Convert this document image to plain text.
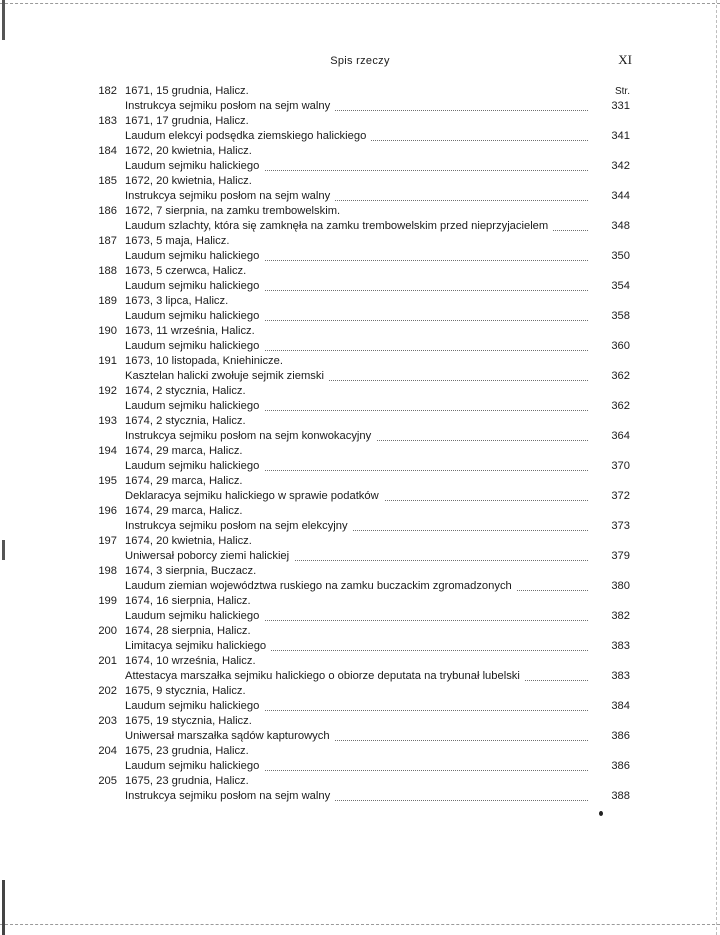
Spis rzeczy	XI
182 1671, 15 grudnia, Halicz.	Str.
Instrukcya sejmiku posłom na sejm walny	331
183 1671, 17 grudnia, Halicz.
Laudum elekcyi podsędka ziemskiego halickiego	341
184 1672, 20 kwietnia, Halicz.
Laudum sejmiku halickiego	342
185 1672, 20 kwietnia, Halicz.
Instrukcya sejmiku posłom na sejm walny	344
186 1672, 7 sierpnia, na zamku trembowelskim.
Laudum szlachty, która się zamknęła na zamku trembowelskim przed nieprzyjacielem	348
187 1673, 5 maja, Halicz.
Laudum sejmiku halickiego	350
188 1673, 5 czerwca, Halicz.
Laudum sejmiku halickiego	354
189 1673, 3 lipca, Halicz.
Laudum sejmiku halickiego	358
190 1673, 11 września, Halicz.
Laudum sejmiku halickiego	360
191 1673, 10 listopada, Kniehinicze.
Kasztelan halicki zwołuje sejmik ziemski	362
192 1674, 2 stycznia, Halicz.
Laudum sejmiku halickiego	362
193 1674, 2 stycznia, Halicz.
Instrukcya sejmiku posłom na sejm konwokacyjny	364
194 1674, 29 marca, Halicz.
Laudum sejmiku halickiego	370
195 1674, 29 marca, Halicz.
Deklaracya sejmiku halickiego w sprawie podatków	372
196 1674, 29 marca, Halicz.
Instrukcya sejmiku posłom na sejm elekcyjny	373
197 1674, 20 kwietnia, Halicz.
Uniwersał poborcy ziemi halickiej	379
198 1674, 3 sierpnia, Buczacz.
Laudum ziemian województwa ruskiego na zamku buczackim zgromadzonych	380
199 1674, 16 sierpnia, Halicz.
Laudum sejmiku halickiego	382
200 1674, 28 sierpnia, Halicz.
Limitacya sejmiku halickiego	383
201 1674, 10 września, Halicz.
Attestacya marszałka sejmiku halickiego o obiorze deputata na trybunał lubelski	383
202 1675, 9 stycznia, Halicz.
Laudum sejmiku halickiego	384
203 1675, 19 stycznia, Halicz.
Uniwersał marszałka sądów kapturowych	386
204 1675, 23 grudnia, Halicz.
Laudum sejmiku halickiego	386
205 1675, 23 grudnia, Halicz.
Instrukcya sejmiku posłom na sejm walny	388
